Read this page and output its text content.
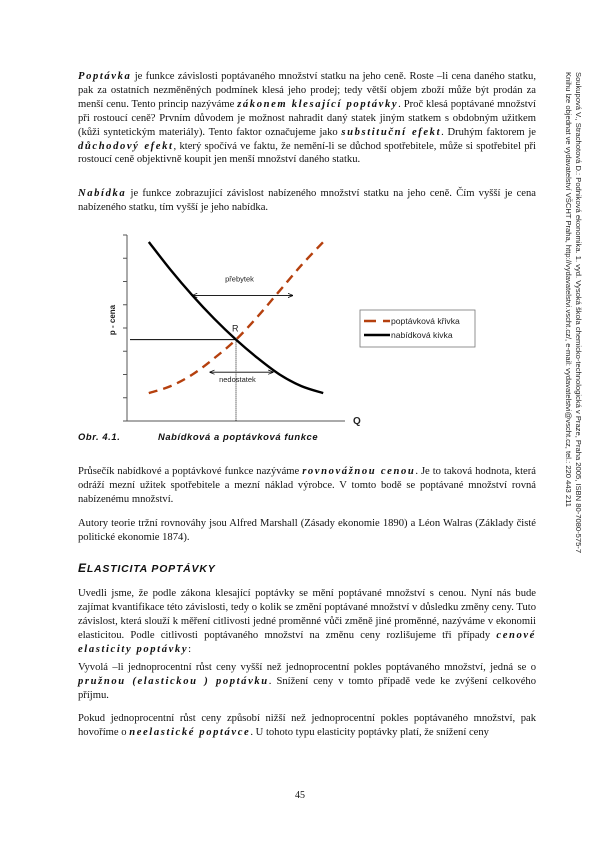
Poptávka je funkce závislosti poptávaného množství statku na jeho ceně. Roste –li cena daného statku, pak za ostatních nezměněných podmínek klesá jeho prodej; tedy větší objem zboží může být prodán za menší cenu. Tento princip nazýváme zákonem klesající poptávky. Proč klesá poptávané množství při rostoucí ceně? Prvním důvodem je možnost nahradit daný statek jiným statkem s obdobným užitkem (kůži syntetickým materiály). Tento faktor označujeme jako substituční efekt. Druhým faktorem je důchodový efekt, který spočívá ve faktu, že nemění-li se důchod spotřebitele, může si spotřebitel při rostoucí ceně objektivně koupit jen menší množství daného statku.

Nabídka je funkce zobrazující závislost nabízeného množství statku na jeho ceně. Čím vyšší je cena nabízeného statku, tím vyšší je jeho nabídka.

p - cena
Q
R
přebytek
nedostatek
poptávková křivka
nabídková kivka
Obr. 4.1.	Nabídková a poptávková funkce

Průsečík nabídkové a poptávkové funkce nazýváme rovnovážnou cenou. Je to taková hodnota, která odráží mezní užitek spotřebitele a mezní náklad výrobce. V tomto bodě se poptávané množství rovná nabízenému množství.

Autory teorie tržní rovnováhy jsou Alfred Marshall (Zásady ekonomie 1890) a Léon Walras (Základy čisté politické ekonomie 1874).

ELASTICITA POPTÁVKY

Uvedli jsme, že podle zákona klesající poptávky se mění poptávané množství s cenou. Nyní nás bude zajímat kvantifikace této závislosti, tedy o kolik se změní poptávané množství v důsledku změny ceny. Tuto závislost, která slouží k měření citlivosti jedné proměnné vůči změně jiné proměnné, nazýváme v ekonomii elasticitou. Podle citlivosti poptávaného množství na změnu ceny rozlišujeme tři případy cenové elasticity poptávky:

Vyvolá –li jednoprocentní růst ceny vyšší než jednoprocentní pokles poptávaného množství, jedná se o pružnou (elastickou ) poptávku. Snížení ceny v tomto případě vede ke zvýšení celkového příjmu.

Pokud jednoprocentní růst ceny způsobí nižší než jednoprocentní pokles poptávaného množství, pak hovoříme o neelastické poptávce. U tohoto typu elasticity poptávky platí, že snížení ceny

45
Soukupová V., Strachotová D.: Podniková ekonomika. 1. vyd. Vysoká škola chemicko-technologická v Praze, Praha 2005, ISBN 80-7080-575-7
Knihu lze objednat ve vydavatelství VŠCHT Praha, http://vydavatelstvi.vscht.cz/, e-mail: vydavatelstvi@vscht.cz, tel.: 220 443 211
